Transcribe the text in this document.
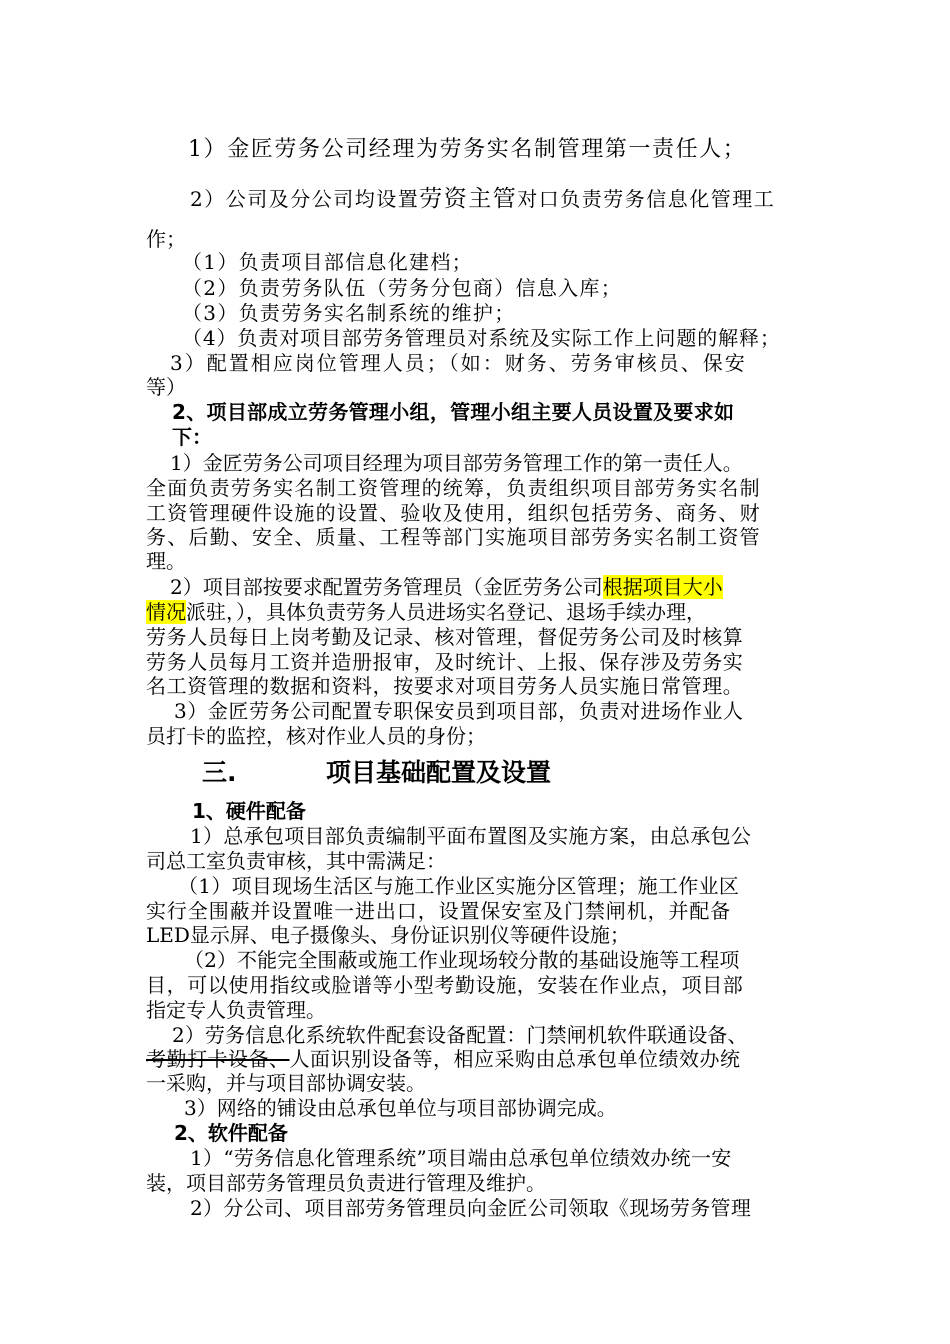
1）金匠劳务公司经理为劳务实名制管理第一责任人；
2）公司及分公司均设置劳资主管对口负责劳务信息化管理工
作；
（1）负责项目部信息化建档；
（2）负责劳务队伍（劳务分包商）信息入库；
（3）负责劳务实名制系统的维护；
（4）负责对项目部劳务管理员对系统及实际工作上问题的解释；
3）配置相应岗位管理人员；（如：财务、劳务审核员、保安
等）
2、项目部成立劳务管理小组，管理小组主要人员设置及要求如
下：
1）金匠劳务公司项目经理为项目部劳务管理工作的第一责任人。
全面负责劳务实名制工资管理的统筹，负责组织项目部劳务实名制
工资管理硬件设施的设置、验收及使用，组织包括劳务、商务、财
务、后勤、安全、质量、工程等部门实施项目部劳务实名制工资管
理。
2）项目部按要求配置劳务管理员（金匠劳务公司根据项目大小
情况派驻，），具体负责劳务人员进场实名登记、退场手续办理，
劳务人员每日上岗考勤及记录、核对管理，督促劳务公司及时核算
劳务人员每月工资并造册报审，及时统计、上报、保存涉及劳务实
名工资管理的数据和资料，按要求对项目劳务人员实施日常管理。
3）金匠劳务公司配置专职保安员到项目部，负责对进场作业人
员打卡的监控，核对作业人员的身份；
三.	项目基础配置及设置
1、硬件配备
1）总承包项目部负责编制平面布置图及实施方案，由总承包公
司总工室负责审核，其中需满足：
（1）项目现场生活区与施工作业区实施分区管理；施工作业区
实行全围蔽并设置唯一进出口，设置保安室及门禁闸机，并配备
LED显示屏、电子摄像头、身份证识别仪等硬件设施；
（2）不能完全围蔽或施工作业现场较分散的基础设施等工程项
目，可以使用指纹或脸谱等小型考勤设施，安装在作业点，项目部
指定专人负责管理。
2）劳务信息化系统软件配套设备配置：门禁闸机软件联通设备、
考勤打卡设备、人面识别设备等，相应采购由总承包单位绩效办统
一采购，并与项目部协调安装。
3）网络的铺设由总承包单位与项目部协调完成。
2、软件配备
1）“劳务信息化管理系统”项目端由总承包单位绩效办统一安
装，项目部劳务管理员负责进行管理及维护。
2）分公司、项目部劳务管理员向金匠公司领取《现场劳务管理
